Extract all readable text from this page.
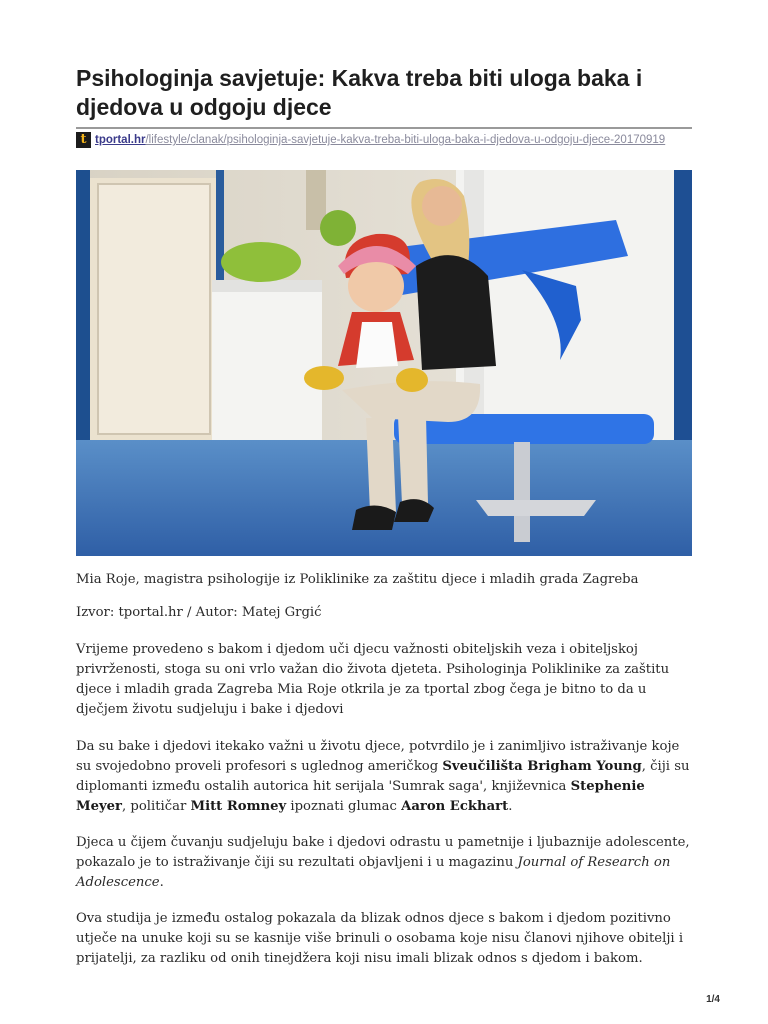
Psihologinja savjetuje: Kakva treba biti uloga baka i djedova u odgoju djece
t tportal.hr/lifestyle/clanak/psihologinja-savjetuje-kakva-treba-biti-uloga-baka-i-djedova-u-odgoju-djece-20170919

Mia Roje, magistra psihologije iz Poliklinike za zaštitu djece i mladih grada Zagreba

Izvor: tportal.hr / Autor: Matej Grgić

Vrijeme provedeno s bakom i djedom uči djecu važnosti obiteljskih veza i obiteljskoj privrženosti, stoga su oni vrlo važan dio života djeteta. Psihologinja Poliklinike za zaštitu djece i mladih grada Zagreba Mia Roje otkrila je za tportal zbog čega je bitno to da u dječjem životu sudjeluju i bake i djedovi

Da su bake i djedovi itekako važni u životu djece, potvrdilo je i zanimljivo istraživanje koje su svojedobno proveli profesori s uglednog američkog Sveučilišta Brigham Young, čiji su diplomanti između ostalih autorica hit serijala 'Sumrak saga', književnica Stephenie Meyer, političar Mitt Romney ipoznati glumac Aaron Eckhart.

Djeca u čijem čuvanju sudjeluju bake i djedovi odrastu u pametnije i ljubaznije adolescente, pokazalo je to istraživanje čiji su rezultati objavljeni i u magazinu Journal of Research on Adolescence.

Ova studija je između ostalog pokazala da blizak odnos djece s bakom i djedom pozitivno utječe na unuke koji su se kasnije više brinuli o osobama koje nisu članovi njihove obitelji i prijatelji, za razliku od onih tinejdžera koji nisu imali blizak odnos s djedom i bakom.

1/4
